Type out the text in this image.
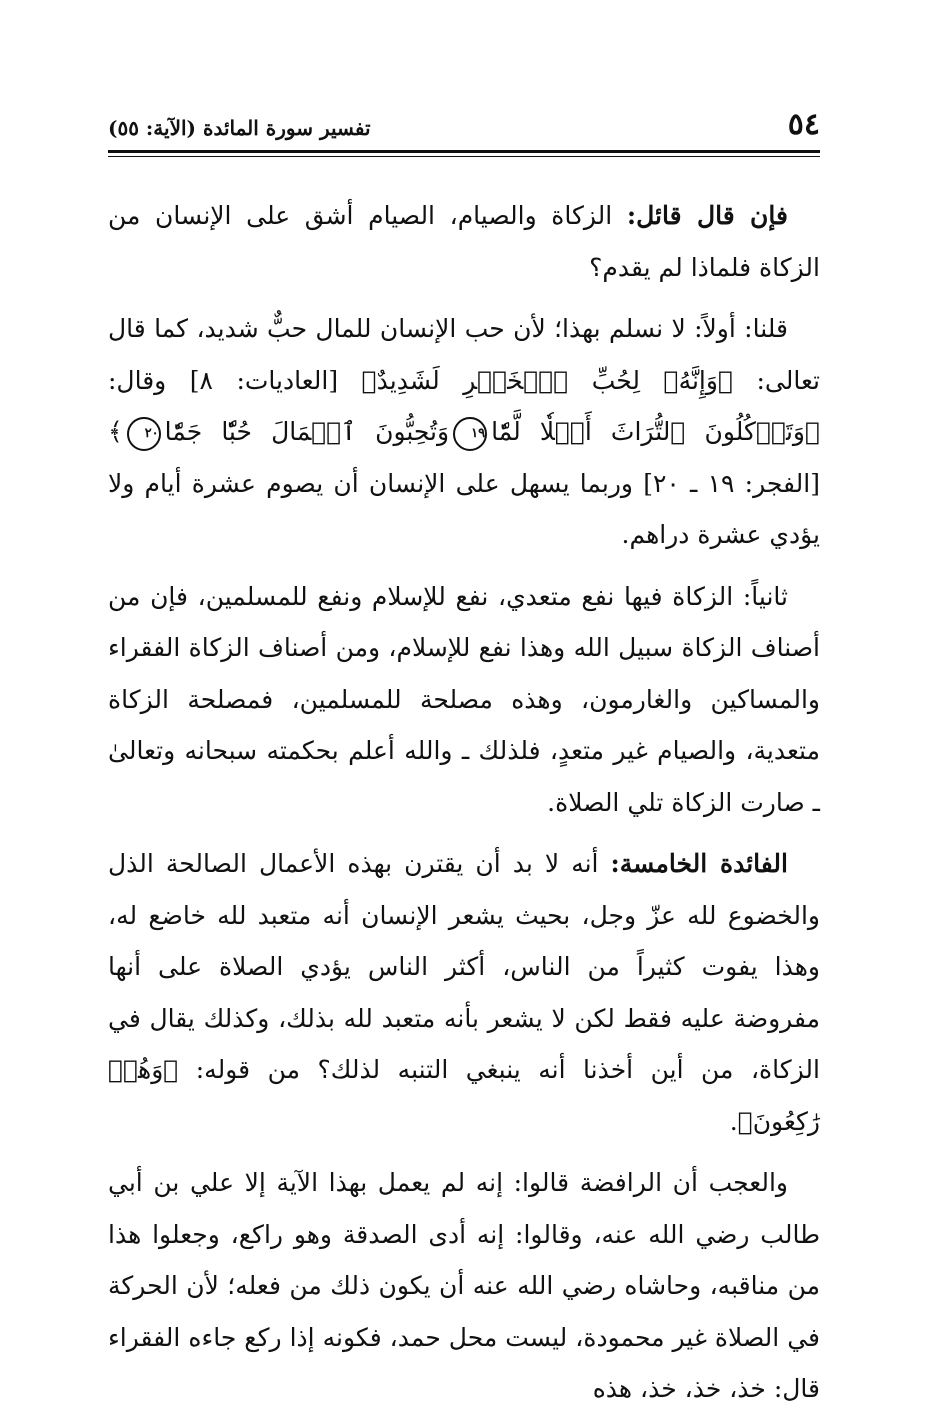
٥٤
تفسير سورة المائدة (الآية: ٥٥)

فإن قال قائل: الزكاة والصيام، الصيام أشق على الإنسان من الزكاة فلماذا لم يقدم؟

قلنا: أولاً: لا نسلم بهذا؛ لأن حب الإنسان للمال حبٌّ شديد، كما قال تعالى: ﴿وَإِنَّهُۥ لِحُبِّ ٱلۡخَيۡرِ لَشَدِيدٌ﴾ [العاديات: ٨] وقال: ﴿وَتَأۡكُلُونَ ٱلتُّرَاثَ أَكۡلٗا لَّمّٗا١٩وَتُحِبُّونَ ٱلۡمَالَ حُبّٗا جَمّٗا٢٠﴾ [الفجر: ١٩ ـ ٢٠] وربما يسهل على الإنسان أن يصوم عشرة أيام ولا يؤدي عشرة دراهم.

ثانياً: الزكاة فيها نفع متعدي، نفع للإسلام ونفع للمسلمين، فإن من أصناف الزكاة سبيل الله وهذا نفع للإسلام، ومن أصناف الزكاة الفقراء والمساكين والغارمون، وهذه مصلحة للمسلمين، فمصلحة الزكاة متعدية، والصيام غير متعدٍ، فلذلك ـ والله أعلم بحكمته سبحانه وتعالىٰ ـ صارت الزكاة تلي الصلاة.

الفائدة الخامسة: أنه لا بد أن يقترن بهذه الأعمال الصالحة الذل والخضوع لله عزّ وجل، بحيث يشعر الإنسان أنه متعبد لله خاضع له، وهذا يفوت كثيراً من الناس، أكثر الناس يؤدي الصلاة على أنها مفروضة عليه فقط لكن لا يشعر بأنه متعبد لله بذلك، وكذلك يقال في الزكاة، من أين أخذنا أنه ينبغي التنبه لذلك؟ من قوله: ﴿وَهُمۡ رَٰكِعُونَ﴾.

والعجب أن الرافضة قالوا: إنه لم يعمل بهذا الآية إلا علي بن أبي طالب رضي الله عنه، وقالوا: إنه أدى الصدقة وهو راكع، وجعلوا هذا من مناقبه، وحاشاه رضي الله عنه أن يكون ذلك من فعله؛ لأن الحركة في الصلاة غير محمودة، ليست محل حمد، فكونه إذا ركع جاءه الفقراء قال: خذ، خذ، خذ، هذه
